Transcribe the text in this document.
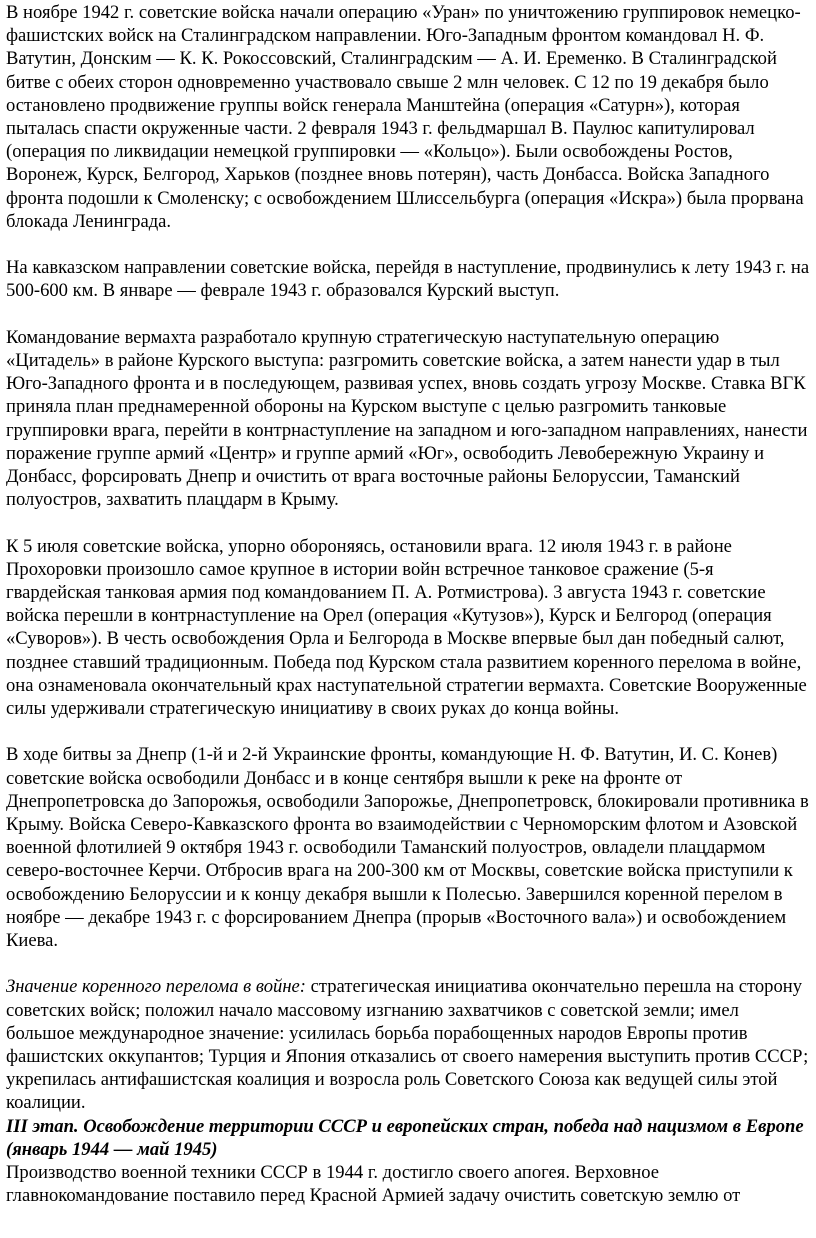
В ноябре 1942 г. советские войска начали операцию «Уран» по уничтожению группировок немецко-фашистских войск на Сталинградском направлении. Юго-Западным фронтом командовал Н. Ф. Ватутин, Донским — К. К. Рокоссовский, Сталинградским — А. И. Еременко. В Сталинградской битве с обеих сторон одновременно участвовало свыше 2 млн человек. С 12 по 19 декабря было остановлено продвижение группы войск генерала Манштейна (операция «Сатурн»), которая пыталась спасти окруженные части. 2 февраля 1943 г. фельдмаршал В. Паулюс капитулировал (операция по ликвидации немецкой группировки — «Кольцо»). Были освобождены Ростов, Воронеж, Курск, Белгород, Харьков (позднее вновь потерян), часть Донбасса. Войска Западного фронта подошли к Смоленску; с освобождением Шлиссельбурга (операция «Искра») была прорвана блокада Ленинграда.

На кавказском направлении советские войска, перейдя в наступление, продвинулись к лету 1943 г. на 500-600 км. В январе — феврале 1943 г. образовался Курский выступ.

Командование вермахта разработало крупную стратегическую наступательную операцию «Цитадель» в районе Курского выступа: разгромить советские войска, а затем нанести удар в тыл Юго-Западного фронта и в последующем, развивая успех, вновь создать угрозу Москве. Ставка ВГК приняла план преднамеренной обороны на Курском выступе с целью разгромить танковые группировки врага, перейти в контрнаступление на западном и юго-западном направлениях, нанести поражение группе армий «Центр» и группе армий «Юг», освободить Левобережную Украину и Донбасс, форсировать Днепр и очистить от врага восточные районы Белоруссии, Таманский полуостров, захватить плацдарм в Крыму.

К 5 июля советские войска, упорно обороняясь, остановили врага. 12 июля 1943 г. в районе Прохоровки произошло самое крупное в истории войн встречное танковое сражение (5-я гвардейская танковая армия под командованием П. А. Ротмистрова). 3 августа 1943 г. советские войска перешли в контрнаступление на Орел (операция «Кутузов»), Курск и Белгород (операция «Суворов»). В честь освобождения Орла и Белгорода в Москве впервые был дан победный салют, позднее ставший традиционным. Победа под Курском стала развитием коренного перелома в войне, она ознаменовала окончательный крах наступательной стратегии вермахта. Советские Вооруженные силы удерживали стратегическую инициативу в своих руках до конца войны.

В ходе битвы за Днепр (1-й и 2-й Украинские фронты, командующие Н. Ф. Ватутин, И. С. Конев) советские войска освободили Донбасс и в конце сентября вышли к реке на фронте от Днепропетровска до Запорожья, освободили Запорожье, Днепропетровск, блокировали противника в Крыму. Войска Северо-Кавказского фронта во взаимодействии с Черноморским флотом и Азовской военной флотилией 9 октября 1943 г. освободили Таманский полуостров, овладели плацдармом северо-восточнее Керчи. Отбросив врага на 200-300 км от Москвы, советские войска приступили к освобождению Белоруссии и к концу декабря вышли к Полесью. Завершился коренной перелом в ноябре — декабре 1943 г. с форсированием Днепра (прорыв «Восточного вала») и освобождением Киева.

Значение коренного перелома в войне: стратегическая инициатива окончательно перешла на сторону советских войск; положил начало массовому изгнанию захватчиков с советской земли; имел большое международное значение: усилилась борьба порабощенных народов Европы против фашистских оккупантов; Турция и Япония отказались от своего намерения выступить против СССР; укрепилась антифашистская коалиция и возросла роль Советского Союза как ведущей силы этой коалиции.

III этап. Освобождение территории СССР и европейских стран, победа над нацизмом в Европе (январь 1944 — май 1945)

Производство военной техники СССР в 1944 г. достигло своего апогея. Верховное главнокомандование поставило перед Красной Армией задачу очистить советскую землю от
